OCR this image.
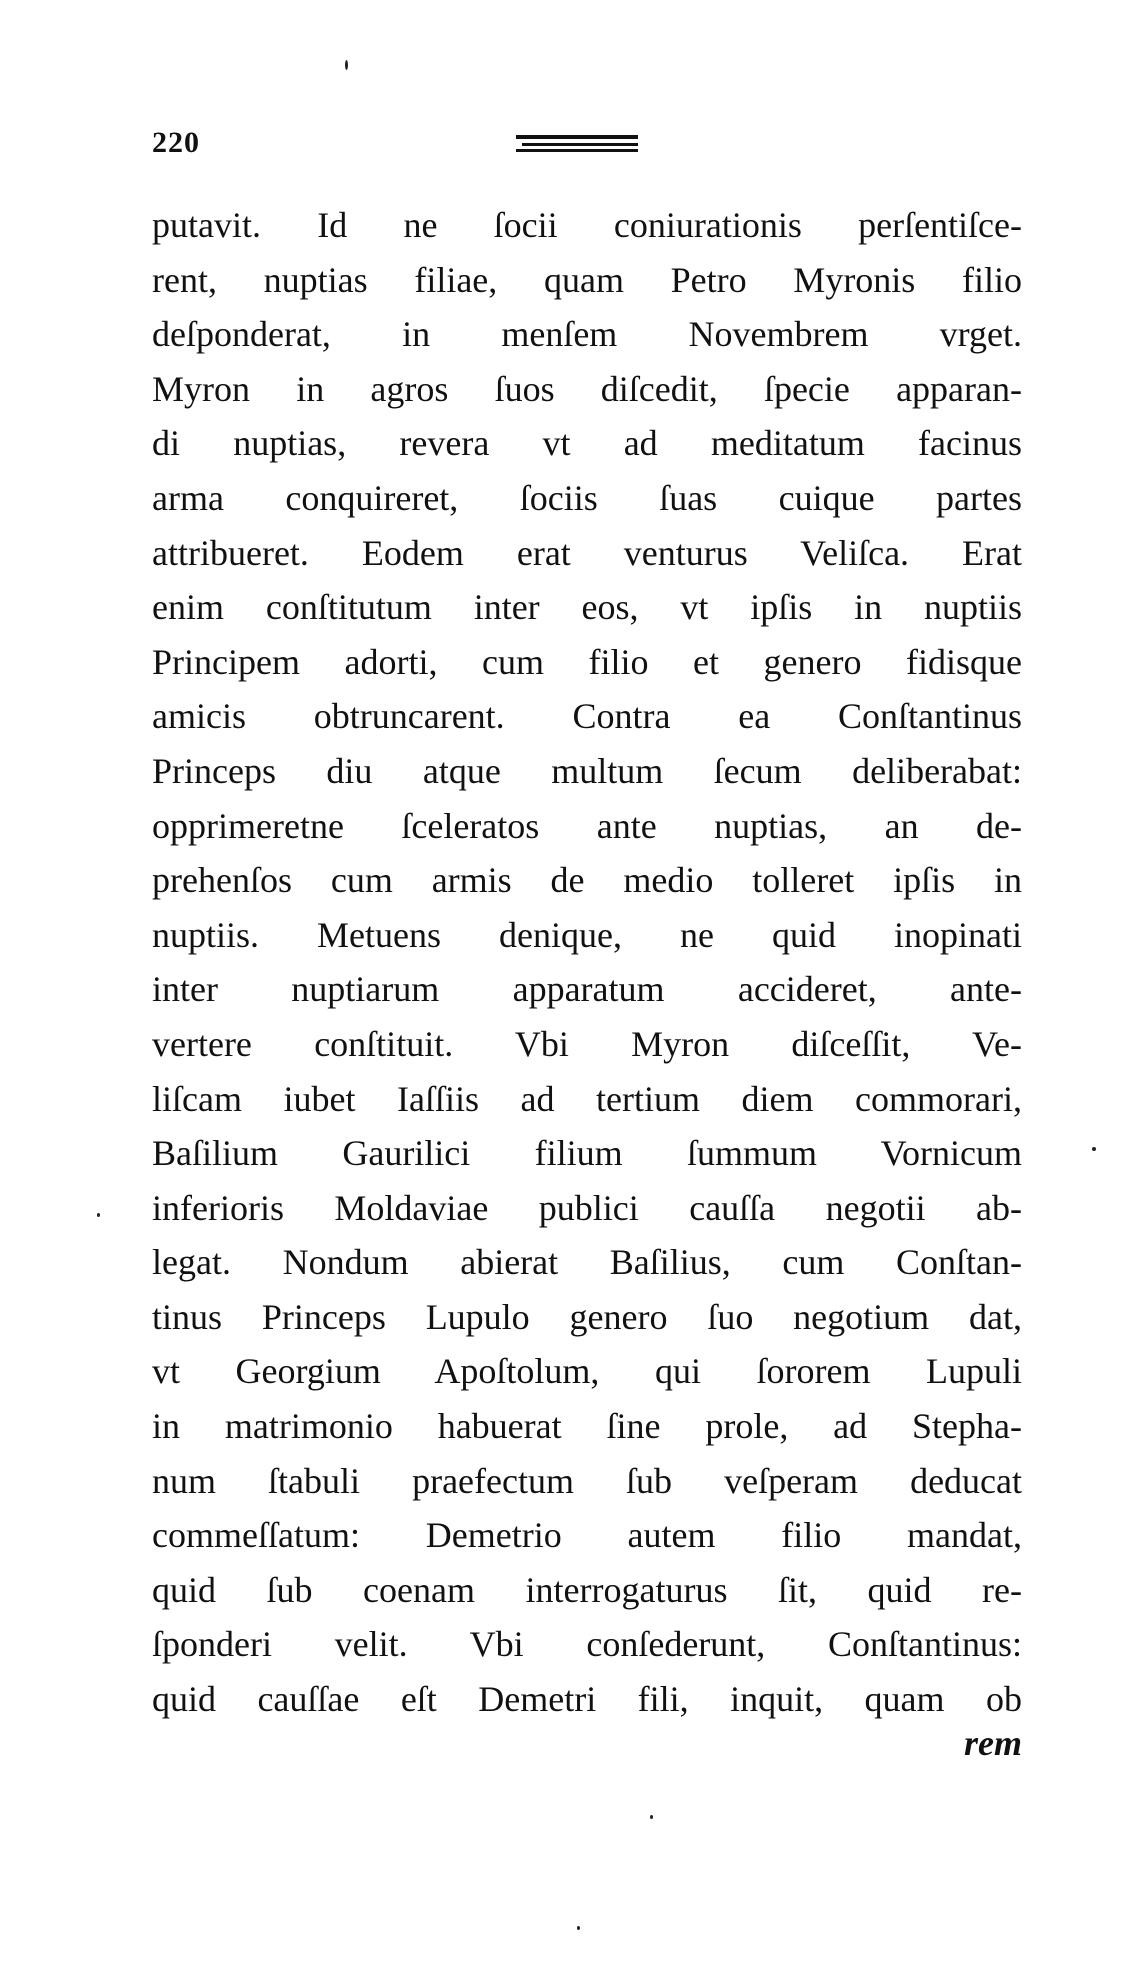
220
putavit. Id ne ſocii coniurationis perſentiſce-
rent, nuptias filiae, quam Petro Myronis filio
deſponderat, in menſem Novembrem vrget.
Myron in agros ſuos diſcedit, ſpecie apparan-
di nuptias, revera vt ad meditatum facinus
arma conquireret, ſociis ſuas cuique partes
attribueret. Eodem erat venturus Veliſca. Erat
enim conſtitutum inter eos, vt ipſis in nuptiis
Principem adorti, cum filio et genero fidisque
amicis obtruncarent. Contra ea Conſtantinus
Princeps diu atque multum ſecum deliberabat:
opprimeretne ſceleratos ante nuptias, an de-
prehenſos cum armis de medio tolleret ipſis in
nuptiis. Metuens denique, ne quid inopinati
inter nuptiarum apparatum accideret, ante-
vertere conſtituit. Vbi Myron diſceſſit, Ve-
liſcam iubet Iaſſiis ad tertium diem commorari,
Baſilium Gaurilici filium ſummum Vornicum
inferioris Moldaviae publici cauſſa negotii ab-
legat. Nondum abierat Baſilius, cum Conſtan-
tinus Princeps Lupulo genero ſuo negotium dat,
vt Georgium Apoſtolum, qui ſororem Lupuli
in matrimonio habuerat ſine prole, ad Stepha-
num ſtabuli praefectum ſub veſperam deducat
commeſſatum: Demetrio autem filio mandat,
quid ſub coenam interrogaturus ſit, quid re-
ſponderi velit. Vbi conſederunt, Conſtantinus:
quid cauſſae eſt Demetri fili, inquit, quam ob
rem
